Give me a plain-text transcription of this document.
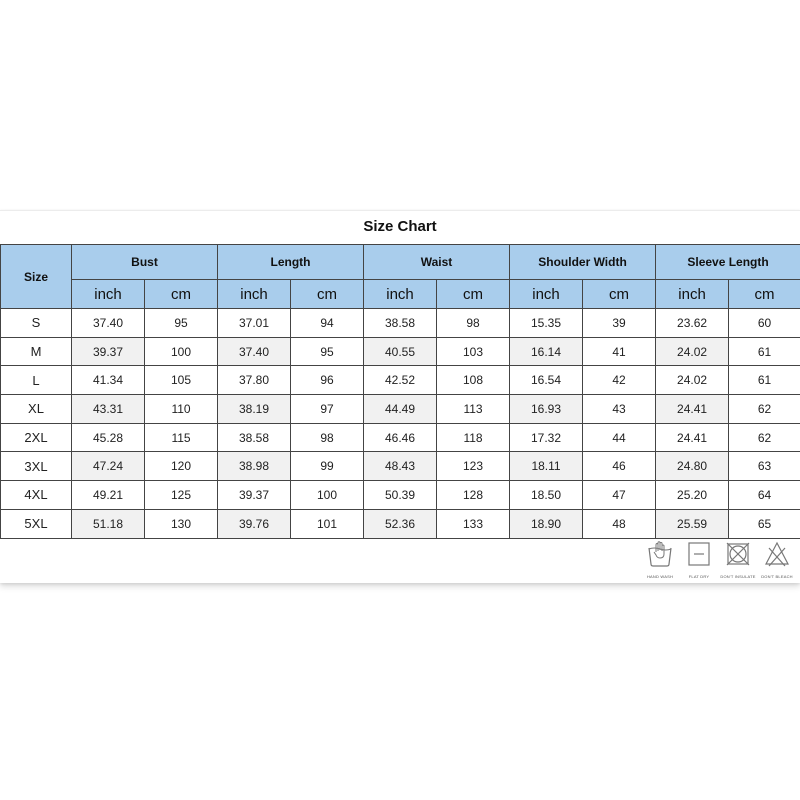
Size Chart
Size	Bust		Length		Waist		Shoulder Width		Sleeve Length	
	inch	cm	inch	cm	inch	cm	inch	cm	inch	cm
S	37.40	95	37.01	94	38.58	98	15.35	39	23.62	60
M	39.37	100	37.40	95	40.55	103	16.14	41	24.02	61
L	41.34	105	37.80	96	42.52	108	16.54	42	24.02	61
XL	43.31	110	38.19	97	44.49	113	16.93	43	24.41	62
2XL	45.28	115	38.58	98	46.46	118	17.32	44	24.41	62
3XL	47.24	120	38.98	99	48.43	123	18.11	46	24.80	63
4XL	49.21	125	39.37	100	50.39	128	18.50	47	25.20	64
5XL	51.18	130	39.76	101	52.36	133	18.90	48	25.59	65
HAND WASH	FLAT DRY	DON'T INSULATE	DON'T BLEACH
